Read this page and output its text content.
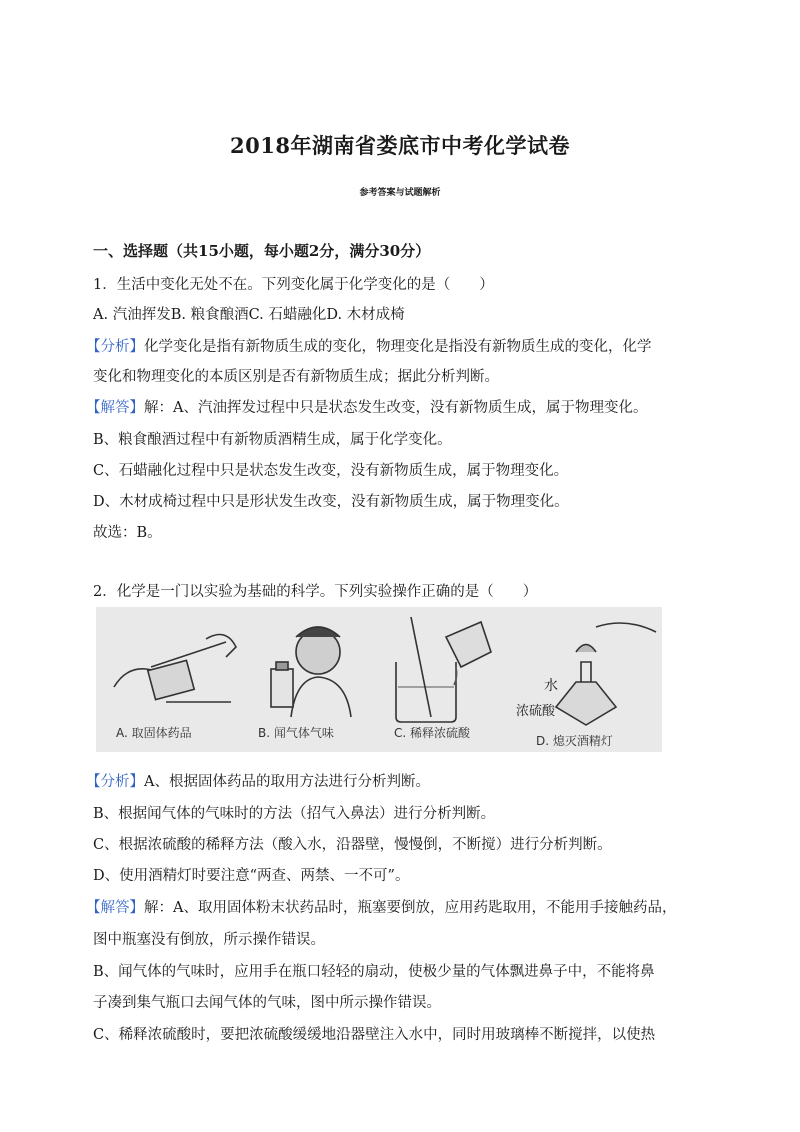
2018年湖南省娄底市中考化学试卷
参考答案与试题解析
一、选择题（共15小题，每小题2分，满分30分）
1．生活中变化无处不在。下列变化属于化学变化的是（　　）
A. 汽油挥发B. 粮食酿酒C. 石蜡融化D. 木材成椅
【分析】化学变化是指有新物质生成的变化，物理变化是指没有新物质生成的变化，化学
变化和物理变化的本质区别是否有新物质生成；据此分析判断。
【解答】解：A、汽油挥发过程中只是状态发生改变，没有新物质生成，属于物理变化。
B、粮食酿酒过程中有新物质酒精生成，属于化学变化。
C、石蜡融化过程中只是状态发生改变，没有新物质生成，属于物理变化。
D、木材成椅过程中只是形状发生改变，没有新物质生成，属于物理变化。
故选：B。
2．化学是一门以实验为基础的科学。下列实验操作正确的是（　　）
水
浓硫酸
A. 取固体药品	B. 闻气体气味	C. 稀释浓硫酸
D. 熄灭酒精灯
【分析】A、根据固体药品的取用方法进行分析判断。
B、根据闻气体的气味时的方法（招气入鼻法）进行分析判断。
C、根据浓硫酸的稀释方法（酸入水，沿器壁，慢慢倒，不断搅）进行分析判断。
D、使用酒精灯时要注意“两查、两禁、一不可”。
【解答】解：A、取用固体粉末状药品时，瓶塞要倒放，应用药匙取用，不能用手接触药品，
图中瓶塞没有倒放，所示操作错误。
B、闻气体的气味时，应用手在瓶口轻轻的扇动，使极少量的气体飘进鼻子中，不能将鼻
子凑到集气瓶口去闻气体的气味，图中所示操作错误。
C、稀释浓硫酸时，要把浓硫酸缓缓地沿器壁注入水中，同时用玻璃棒不断搅拌，以使热
